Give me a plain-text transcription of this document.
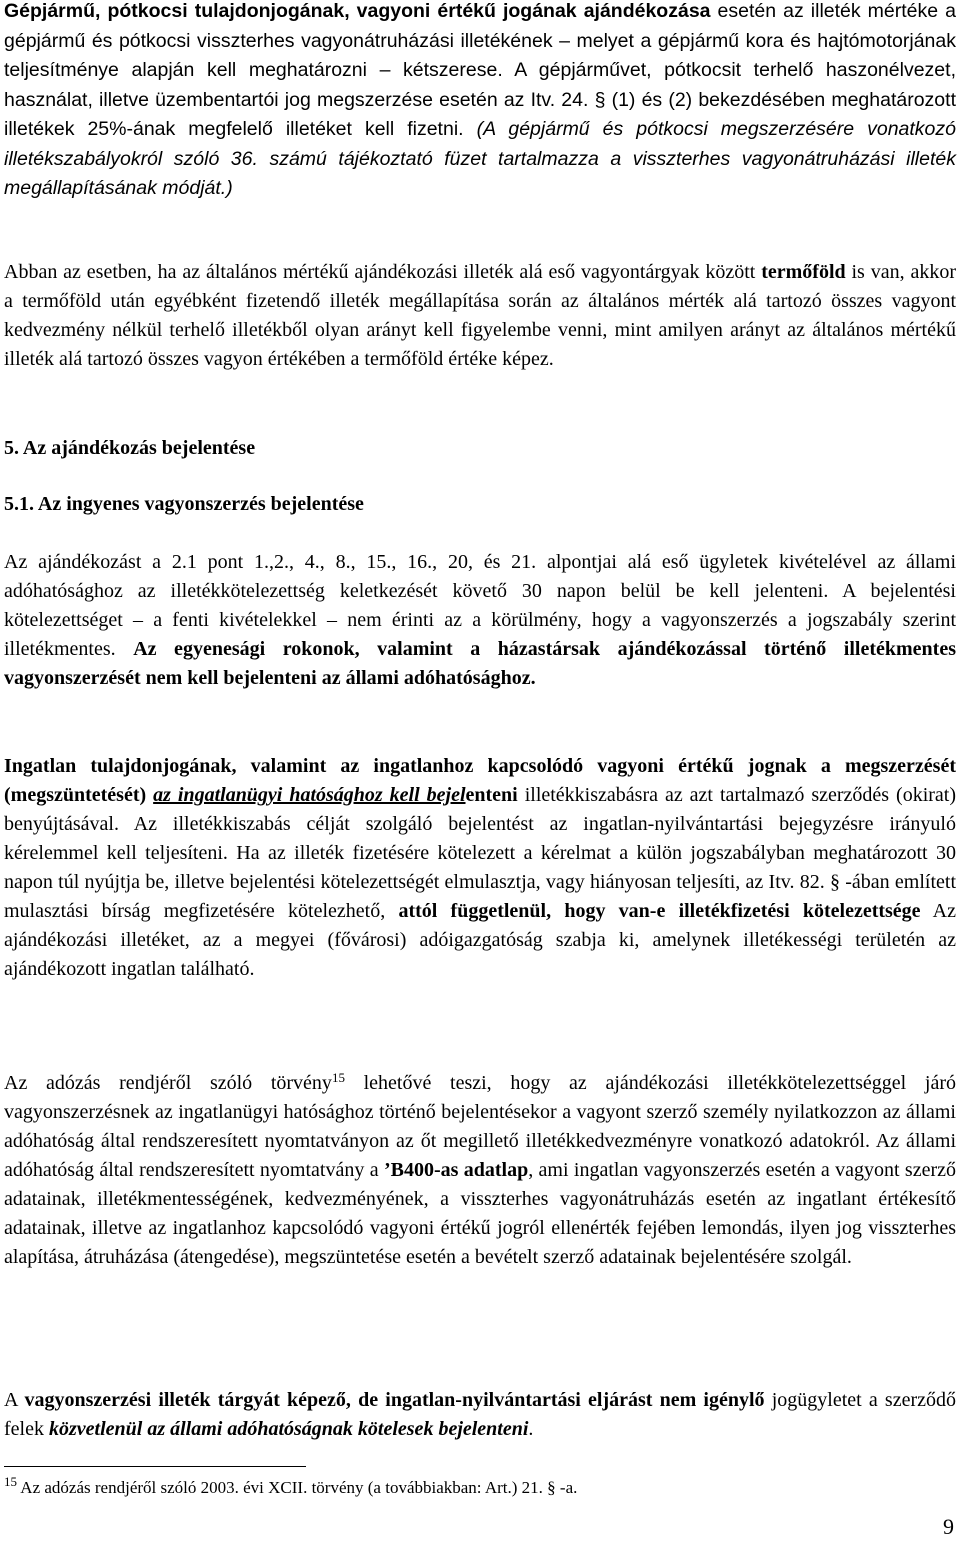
Gépjármű, pótkocsi tulajdonjogának, vagyoni értékű jogának ajándékozása esetén az illeték mértéke a gépjármű és pótkocsi visszterhes vagyonátruházási illetékének – melyet a gépjármű kora és hajtómotorjának teljesítménye alapján kell meghatározni – kétszerese. A gépjárművet, pótkocsit terhelő haszonélvezet, használat, illetve üzembentartói jog megszerzése esetén az Itv. 24. § (1) és (2) bekezdésében meghatározott illetékek 25%-ának megfelelő illetéket kell fizetni. (A gépjármű és pótkocsi megszerzésére vonatkozó illetékszabályokról szóló 36. számú tájékoztató füzet tartalmazza a visszterhes vagyonátruházási illeték megállapításának módját.)

Abban az esetben, ha az általános mértékű ajándékozási illeték alá eső vagyontárgyak között termőföld is van, akkor a termőföld után egyébként fizetendő illeték megállapítása során az általános mérték alá tartozó összes vagyont kedvezmény nélkül terhelő illetékből olyan arányt kell figyelembe venni, mint amilyen arányt az általános mértékű illeték alá tartozó összes vagyon értékében a termőföld értéke képez.

5. Az ajándékozás bejelentése
5.1. Az ingyenes vagyonszerzés bejelentése

Az ajándékozást a 2.1 pont 1.,2., 4., 8., 15., 16., 20, és 21. alpontjai alá eső ügyletek kivételével az állami adóhatósághoz az illetékkötelezettség keletkezését követő 30 napon belül be kell jelenteni. A bejelentési kötelezettséget – a fenti kivételekkel – nem érinti az a körülmény, hogy a vagyonszerzés a jogszabály szerint illetékmentes. Az egyenesági rokonok, valamint a házastársak ajándékozással történő illetékmentes vagyonszerzését nem kell bejelenteni az állami adóhatósághoz.

Ingatlan tulajdonjogának, valamint az ingatlanhoz kapcsolódó vagyoni értékű jognak a megszerzését (megszüntetését) az ingatlanügyi hatósághoz kell bejelenteni illetékkiszabásra az azt tartalmazó szerződés (okirat) benyújtásával. Az illetékkiszabás célját szolgáló bejelentést az ingatlan-nyilvántartási bejegyzésre irányuló kérelemmel kell teljesíteni. Ha az illeték fizetésére kötelezett a kérelmat a külön jogszabályban meghatározott 30 napon túl nyújtja be, illetve bejelentési kötelezettségét elmulasztja, vagy hiányosan teljesíti, az Itv. 82. § -ában említett mulasztási bírság megfizetésére kötelezhető, attól függetlenül, hogy van-e illetékfizetési kötelezettsége Az ajándékozási illetéket, az a megyei (fővárosi) adóigazgatóság szabja ki, amelynek illetékességi területén az ajándékozott ingatlan található.

Az adózás rendjéről szóló törvény$^{15}$ lehetővé teszi, hogy az ajándékozási illetékkötelezettséggel járó vagyonszerzésnek az ingatlanügyi hatósághoz történő bejelentésekor a vagyont szerző személy nyilatkozzon az állami adóhatóság által rendszeresített nyomtatványon az őt megillető illetékkedvezményre vonatkozó adatokról. Az állami adóhatóság által rendszeresített nyomtatvány a ’B400-as adatlap, ami ingatlan vagyonszerzés esetén a vagyont szerző adatainak, illetékmentességének, kedvezményének, a visszterhes vagyonátruházás esetén az ingatlant értékesítő adatainak, illetve az ingatlanhoz kapcsolódó vagyoni értékű jogról ellenérték fejében lemondás, ilyen jog visszterhes alapítása, átruházása (átengedése), megszüntetése esetén a bevételt szerző adatainak bejelentésére szolgál.

A vagyonszerzési illeték tárgyát képező, de ingatlan-nyilvántartási eljárást nem igénylő jogügyletet a szerződő felek közvetlenül az állami adóhatóságnak kötelesek bejelenteni.

$^{15}$ Az adózás rendjéről szóló 2003. évi XCII. törvény (a továbbiakban: Art.) 21. § -a.
9
